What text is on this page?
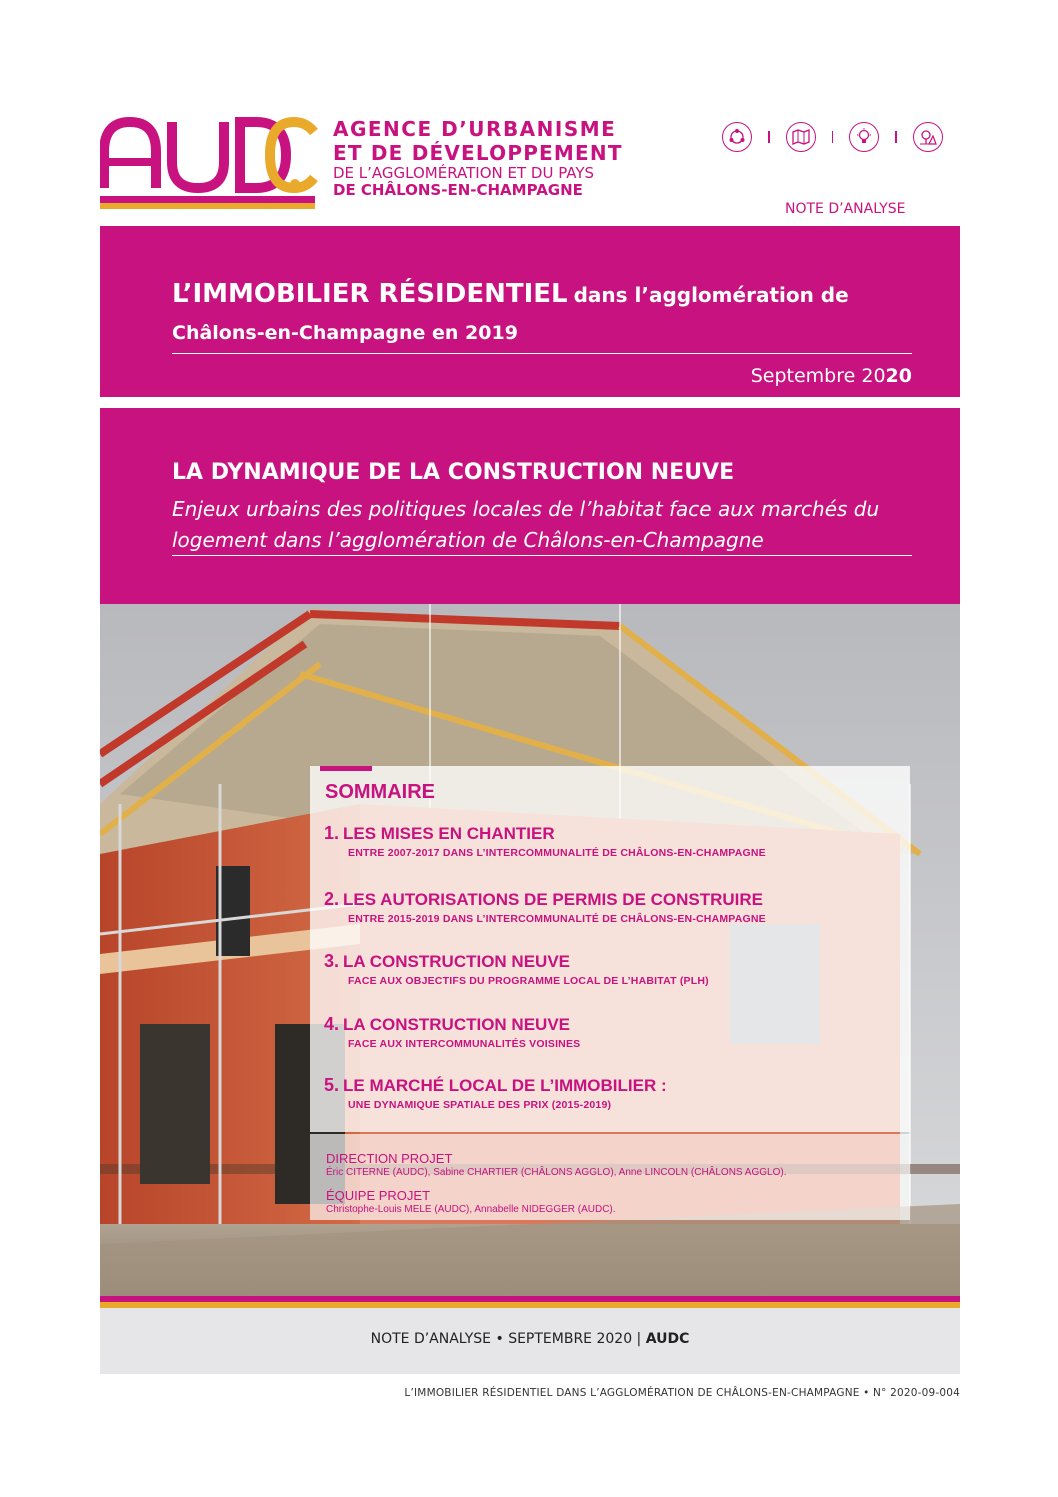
AGENCE D’URBANISME
ET DE DÉVELOPPEMENT
DE L’AGGLOMÉRATION ET DU PAYS
DE CHÂLONS-EN-CHAMPAGNE
NOTE D’ANALYSE
L’IMMOBILIER RÉSIDENTIEL dans l’agglomération de
Châlons-en-Champagne en 2019
Septembre 2020
LA DYNAMIQUE DE LA CONSTRUCTION NEUVE
Enjeux urbains des politiques locales de l’habitat face aux marchés du logement dans l’agglomération de Châlons-en-Champagne
SOMMAIRE
1. LES MISES EN CHANTIER
ENTRE 2007-2017 DANS L’INTERCOMMUNALITÉ DE CHÂLONS-EN-CHAMPAGNE
2. LES AUTORISATIONS DE PERMIS DE CONSTRUIRE
ENTRE 2015-2019 DANS L’INTERCOMMUNALITÉ DE CHÂLONS-EN-CHAMPAGNE
3. LA CONSTRUCTION NEUVE
FACE AUX OBJECTIFS DU PROGRAMME LOCAL DE L’HABITAT (PLH)
4. LA CONSTRUCTION NEUVE
FACE AUX INTERCOMMUNALITÉS VOISINES
5. LE MARCHÉ LOCAL DE L’IMMOBILIER :
UNE DYNAMIQUE SPATIALE DES PRIX (2015-2019)
DIRECTION PROJET
Éric CITERNE (AUDC), Sabine CHARTIER (CHÂLONS AGGLO), Anne LINCOLN (CHÂLONS AGGLO).
ÉQUIPE PROJET
Christophe-Louis MELE (AUDC), Annabelle NIDEGGER (AUDC).
NOTE D’ANALYSE • SEPTEMBRE 2020 | AUDC
L’IMMOBILIER RÉSIDENTIEL DANS L’AGGLOMÉRATION DE CHÂLONS-EN-CHAMPAGNE • N° 2020-09-004
